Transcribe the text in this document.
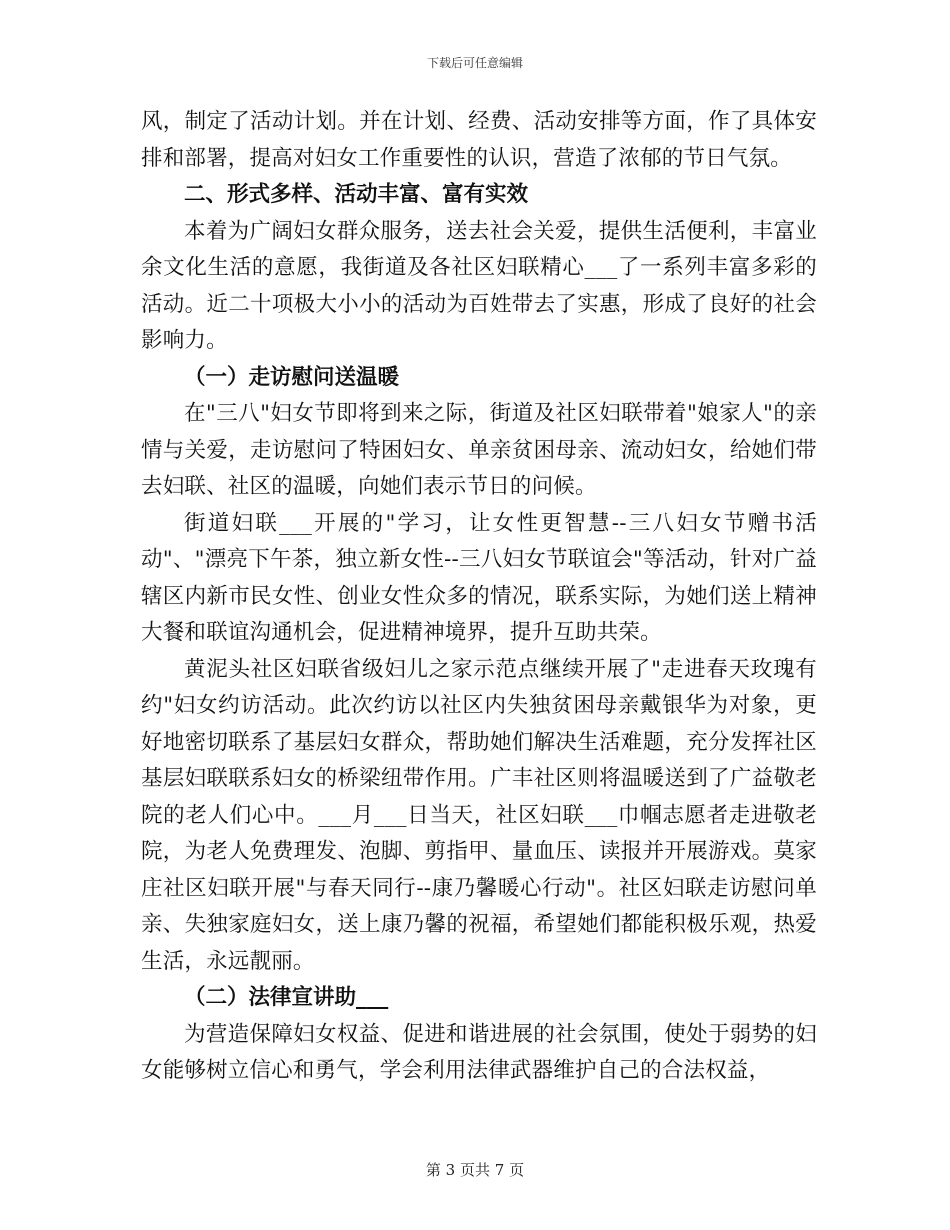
下载后可任意编辑

风，制定了活动计划。并在计划、经费、活动安排等方面，作了具体安排和部署，提高对妇女工作重要性的认识，营造了浓郁的节日气氛。

二、形式多样、活动丰富、富有实效

本着为广阔妇女群众服务，送去社会关爱，提供生活便利，丰富业余文化生活的意愿，我街道及各社区妇联精心___了一系列丰富多彩的活动。近二十项极大小小的活动为百姓带去了实惠，形成了良好的社会影响力。

（一）走访慰问送温暖

在"三八"妇女节即将到来之际，街道及社区妇联带着"娘家人"的亲情与关爱，走访慰问了特困妇女、单亲贫困母亲、流动妇女，给她们带去妇联、社区的温暖，向她们表示节日的问候。

街道妇联___开展的"学习，让女性更智慧--三八妇女节赠书活动"、"漂亮下午茶，独立新女性--三八妇女节联谊会"等活动，针对广益辖区内新市民女性、创业女性众多的情况，联系实际，为她们送上精神大餐和联谊沟通机会，促进精神境界，提升互助共荣。

黄泥头社区妇联省级妇儿之家示范点继续开展了"走进春天玫瑰有约"妇女约访活动。此次约访以社区内失独贫困母亲戴银华为对象，更好地密切联系了基层妇女群众，帮助她们解决生活难题，充分发挥社区基层妇联联系妇女的桥梁纽带作用。广丰社区则将温暖送到了广益敬老院的老人们心中。___月___日当天，社区妇联___巾帼志愿者走进敬老院，为老人免费理发、泡脚、剪指甲、量血压、读报并开展游戏。莫家庄社区妇联开展"与春天同行--康乃馨暖心行动"。社区妇联走访慰问单亲、失独家庭妇女，送上康乃馨的祝福，希望她们都能积极乐观，热爱生活，永远靓丽。

（二）法律宣讲助___

为营造保障妇女权益、促进和谐进展的社会氛围，使处于弱势的妇女能够树立信心和勇气，学会利用法律武器维护自己的合法权益，

第 3 页共 7 页
